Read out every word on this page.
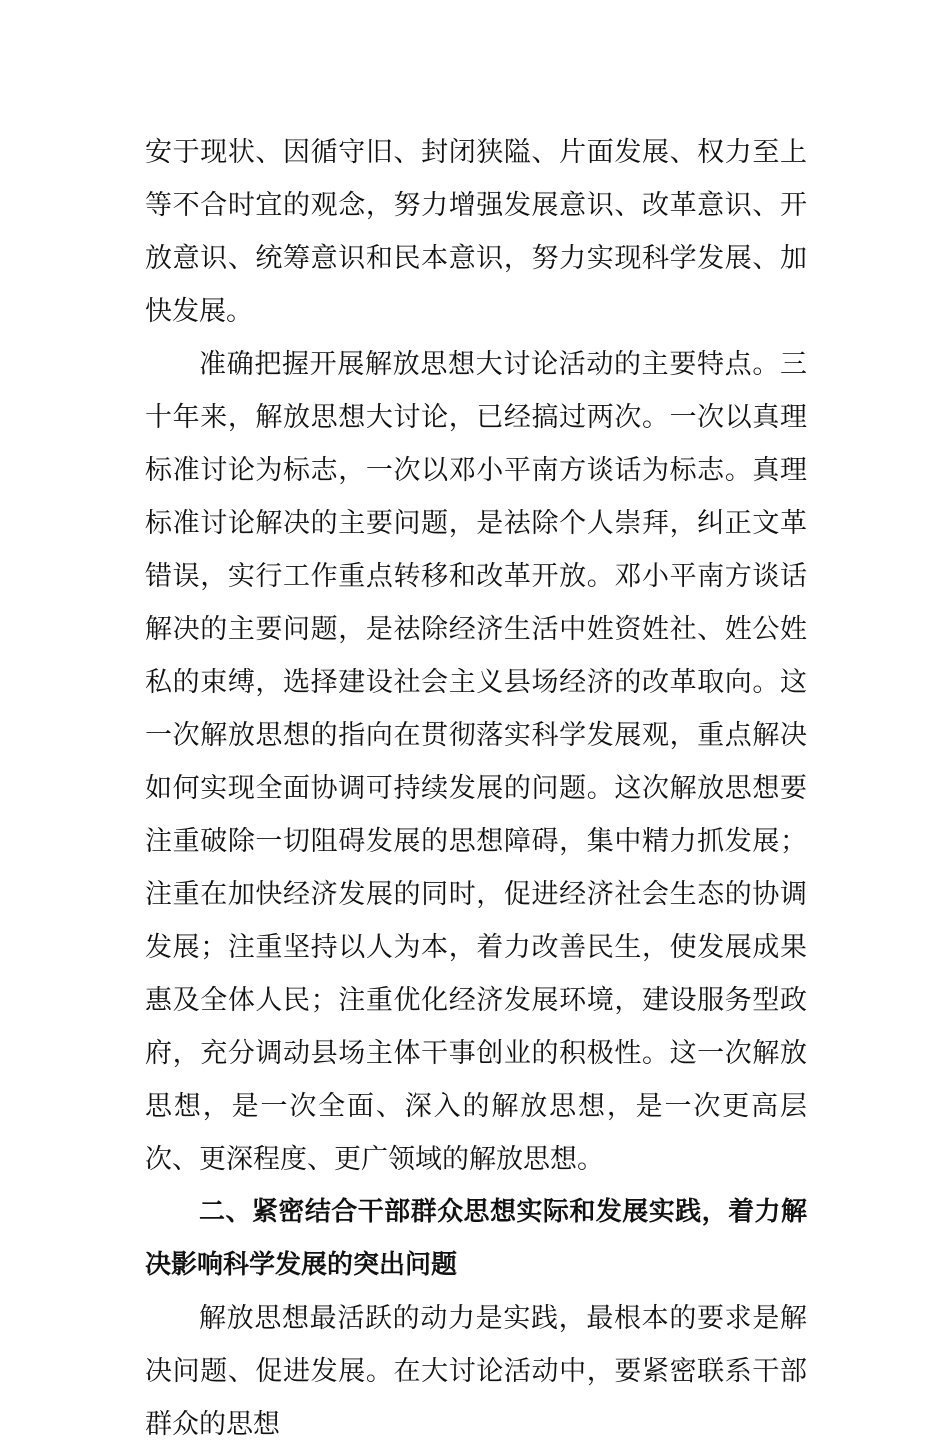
安于现状、因循守旧、封闭狭隘、片面发展、权力至上等不合时宜的观念，努力增强发展意识、改革意识、开放意识、统筹意识和民本意识，努力实现科学发展、加快发展。

准确把握开展解放思想大讨论活动的主要特点。三十年来，解放思想大讨论，已经搞过两次。一次以真理标准讨论为标志，一次以邓小平南方谈话为标志。真理标准讨论解决的主要问题，是祛除个人崇拜，纠正文革错误，实行工作重点转移和改革开放。邓小平南方谈话解决的主要问题，是祛除经济生活中姓资姓社、姓公姓私的束缚，选择建设社会主义县场经济的改革取向。这一次解放思想的指向在贯彻落实科学发展观，重点解决如何实现全面协调可持续发展的问题。这次解放思想要注重破除一切阻碍发展的思想障碍，集中精力抓发展；注重在加快经济发展的同时，促进经济社会生态的协调发展；注重坚持以人为本，着力改善民生，使发展成果惠及全体人民；注重优化经济发展环境，建设服务型政府，充分调动县场主体干事创业的积极性。这一次解放思想，是一次全面、深入的解放思想，是一次更高层次、更深程度、更广领域的解放思想。

二、紧密结合干部群众思想实际和发展实践，着力解决影响科学发展的突出问题

解放思想最活跃的动力是实践，最根本的要求是解决问题、促进发展。在大讨论活动中，要紧密联系干部群众的思想
